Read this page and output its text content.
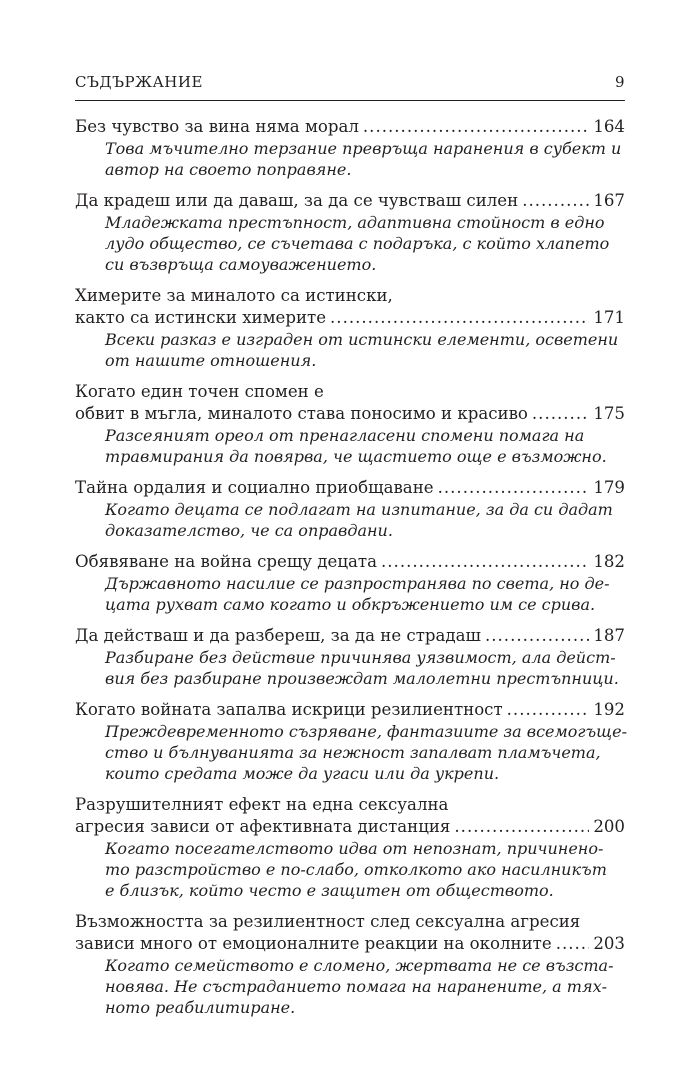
СЪДЪРЖАНИЕ	9
Без чувство за вина няма морал .....	164
Това мъчително терзание превръща наранения в субект и
автор на своето поправяне.
Да крадеш или да даваш, за да се чувстваш силен .....	167
Младежката престъпност, адаптивна стойност в едно
лудо общество, се съчетава с подаръка, с който хлапето
си възвръща самоуважението.
Химерите за миналото са истински,
както са истински химерите .....	171
Всеки разказ е изграден от истински елементи, осветени
от нашите отношения.
Когато един точен спомен е
обвит в мъгла, миналото става поносимо и красиво .....	175
Разсеяният ореол от пренагласени спомени помага на
травмирания да повярва, че щастието още е възможно.
Тайна ордалия и социално приобщаване .....	179
Когато децата се подлагат на изпитание, за да си дадат
доказателство, че са оправдани.
Обявяване на война срещу децата .....	182
Държавното насилие се разпространява по света, но де-
цата рухват само когато и обкръжението им се срива.
Да действаш и да разбереш, за да не страдаш .....	187
Разбиране без действие причинява уязвимост, ала дейст-
вия без разбиране произвеждат малолетни престъпници.
Когато войната запалва искрици резилиентност .....	192
Преждевременното съзряване, фантазиите за всемогъще-
ство и бълнуванията за нежност запалват пламъчета,
които средата може да угаси или да укрепи.
Разрушителният ефект на една сексуална
агресия зависи от афективната дистанция .....	200
Когато посегателството идва от непознат, причинено-
то разстройство е по-слабо, отколкото ако насилникът
е близък, който често е защитен от обществото.
Възможността за резилиентност след сексуална агресия
зависи много от емоционалните реакции на околните .....	203
Когато семейството е сломено, жертвата не се възста-
новява. Не състраданието помага на наранените, а тях-
ното реабилитиране.
